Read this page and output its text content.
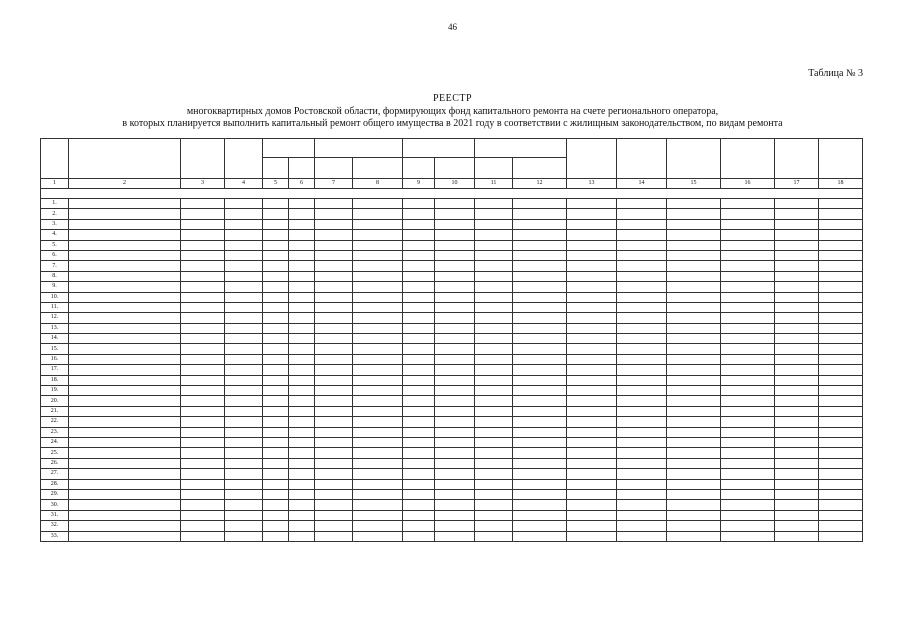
46
Таблица № 3
РЕЕСТР
многоквартирных домов Ростовской области, формирующих фонд капитального ремонта на счете регионального оператора,
в которых планируется выполнить капитальный ремонт общего имущества в 2021 году в соответствии с жилищным законодательством, по видам ремонта

1	2	3	4	5	6	7	8	9	10	11	12	13	14	15	16	17	18

1.																	
2.																	
3.																	
4.																	
5.																	
6.																	
7.																	
8.																	
9.																	
10.																	
11.																	
12.																	
13.																	
14.																	
15.																	
16.																	
17.																	
18.																	
19.																	
20.																	
21.																	
22.																	
23.																	
24.																	
25.																	
26.																	
27.																	
28.																	
29.																	
30.																	
31.																	
32.																	
33.																	
